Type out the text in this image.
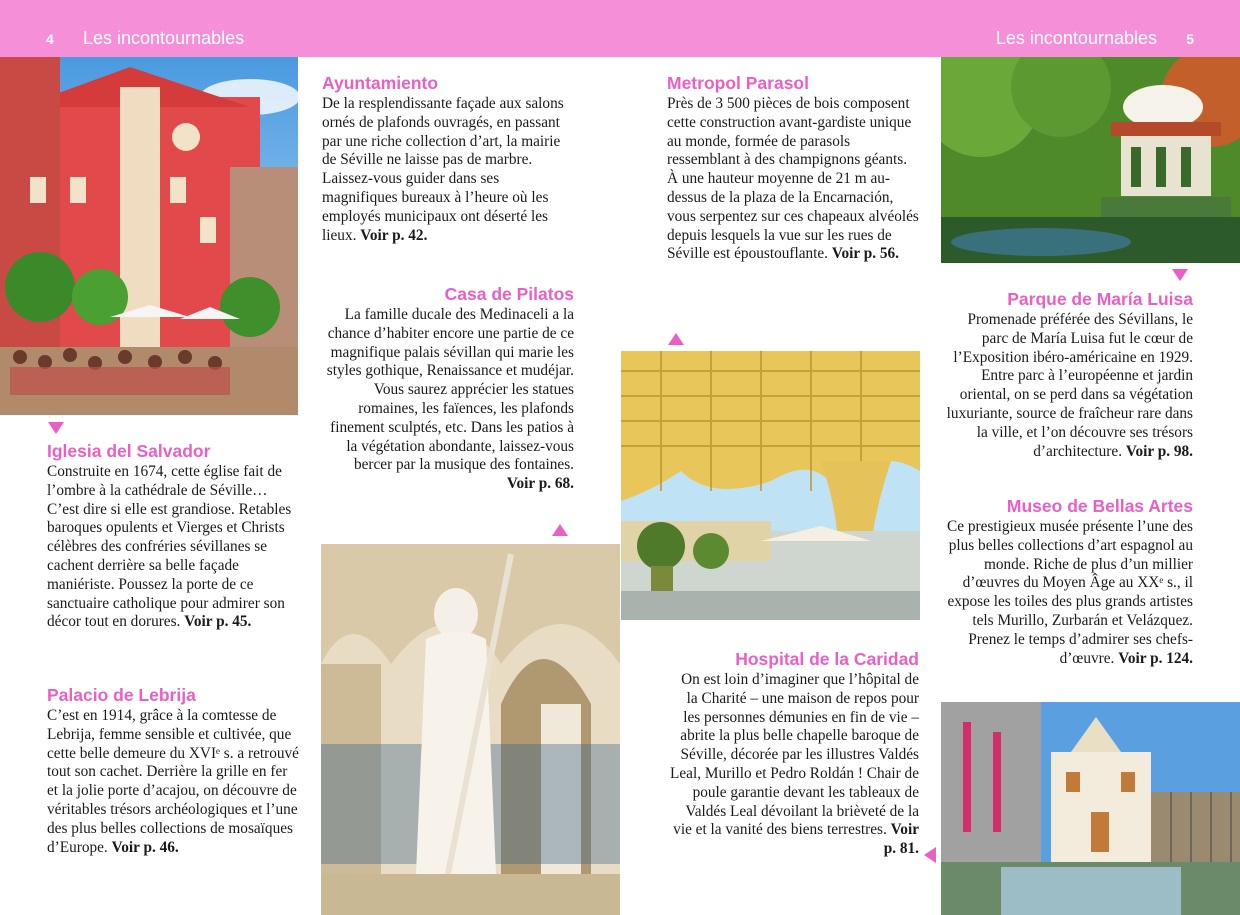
4 Les incontournables	Les incontournables 5
Iglesia del Salvador

Construite en 1674, cette église fait de l’ombre à la cathédrale de Séville… C’est dire si elle est grandiose. Retables baroques opulents et Vierges et Christs célèbres des confréries sévillanes se cachent derrière sa belle façade maniériste. Poussez la porte de ce sanctuaire catholique pour admirer son décor tout en dorures. Voir p. 45.

Palacio de Lebrija

C’est en 1914, grâce à la comtesse de Lebrija, femme sensible et cultivée, que cette belle demeure du XVIᵉ s. a retrouvé tout son cachet. Derrière la grille en fer et la jolie porte d’acajou, on découvre de véritables trésors archéologiques et l’une des plus belles collections de mosaïques d’Europe. Voir p. 46.

Ayuntamiento

De la resplendissante façade aux salons ornés de plafonds ouvragés, en passant par une riche collection d’art, la mairie de Séville ne laisse pas de marbre. Laissez-vous guider dans ses magnifiques bureaux à l’heure où les employés municipaux ont déserté les lieux. Voir p. 42.

Casa de Pilatos

La famille ducale des Medinaceli a la chance d’habiter encore une partie de ce magnifique palais sévillan qui marie les styles gothique, Renaissance et mudéjar. Vous saurez apprécier les statues romaines, les faïences, les plafonds finement sculptés, etc. Dans les patios à la végétation abondante, laissez-vous bercer par la musique des fontaines. Voir p. 68.

Metropol Parasol

Près de 3 500 pièces de bois composent cette construction avant-gardiste unique au monde, formée de parasols ressemblant à des champignons géants. À une hauteur moyenne de 21 m au-dessus de la plaza de la Encarnación, vous serpentez sur ces chapeaux alvéolés depuis lesquels la vue sur les rues de Séville est époustouflante. Voir p. 56.

Hospital de la Caridad

On est loin d’imaginer que l’hôpital de la Charité – une maison de repos pour les personnes démunies en fin de vie – abrite la plus belle chapelle baroque de Séville, décorée par les illustres Valdés Leal, Murillo et Pedro Roldán ! Chair de poule garantie devant les tableaux de Valdés Leal dévoilant la brièveté de la vie et la vanité des biens terrestres. Voir p. 81.

Parque de María Luisa

Promenade préférée des Sévillans, le parc de María Luisa fut le cœur de l’Exposition ibéro-américaine en 1929. Entre parc à l’européenne et jardin oriental, on se perd dans sa végétation luxuriante, source de fraîcheur rare dans la ville, et l’on découvre ses trésors d’architecture. Voir p. 98.

Museo de Bellas Artes

Ce prestigieux musée présente l’une des plus belles collections d’art espagnol au monde. Riche de plus d’un millier d’œuvres du Moyen Âge au XXᵉ s., il expose les toiles des plus grands artistes tels Murillo, Zurbarán et Velázquez. Prenez le temps d’admirer ses chefs-d’œuvre. Voir p. 124.
